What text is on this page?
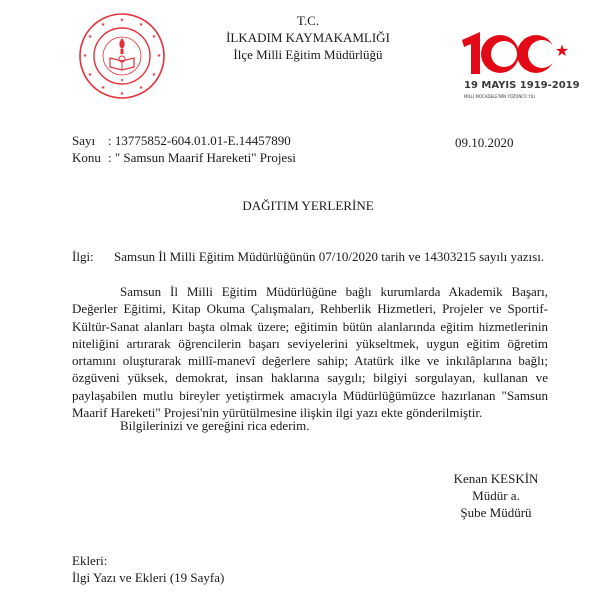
★
★
★
★
★
★
★
★
★
★
★
★	T.C.
İLKADIM KAYMAKAMLIĞI
İlçe Milli Eğitim Müdürlüğü	★
19 MAYIS 1919-2019
MİLLİ MÜCADELE'NİN YÜZÜNCÜ YILI
Sayı : 13775852-604.01.01-E.14457890
Konu : " Samsun Maarif Hareketi" Projesi
09.10.2020
DAĞITIM YERLERİNE
İlgi: Samsun İl Milli Eğitim Müdürlüğünün 07/10/2020 tarih ve 14303215 sayılı yazısı.
Samsun İl Milli Eğitim Müdürlüğüne bağlı kurumlarda Akademik Başarı, Değerler Eğitimi, Kitap Okuma Çalışmaları, Rehberlik Hizmetleri, Projeler ve Sportif-Kültür-Sanat alanları başta olmak üzere; eğitimin bütün alanlarında eğitim hizmetlerinin niteliğini artırarak öğrencilerin başarı seviyelerini yükseltmek, uygun eğitim öğretim ortamını oluşturarak millî-manevî değerlere sahip; Atatürk ilke ve inkılâplarına bağlı; özgüveni yüksek, demokrat, insan haklarına saygılı; bilgiyi sorgulayan, kullanan ve paylaşabilen mutlu bireyler yetiştirmek amacıyla Müdürlüğümüzce hazırlanan "Samsun Maarif Hareketi" Projesi'nin yürütülmesine ilişkin ilgi yazı ekte gönderilmiştir.
Bilgilerinizi ve gereğini rica ederim.
Kenan KESKİN
Müdür a.
Şube Müdürü
Ekleri:
İlgi Yazı ve Ekleri (19 Sayfa)
